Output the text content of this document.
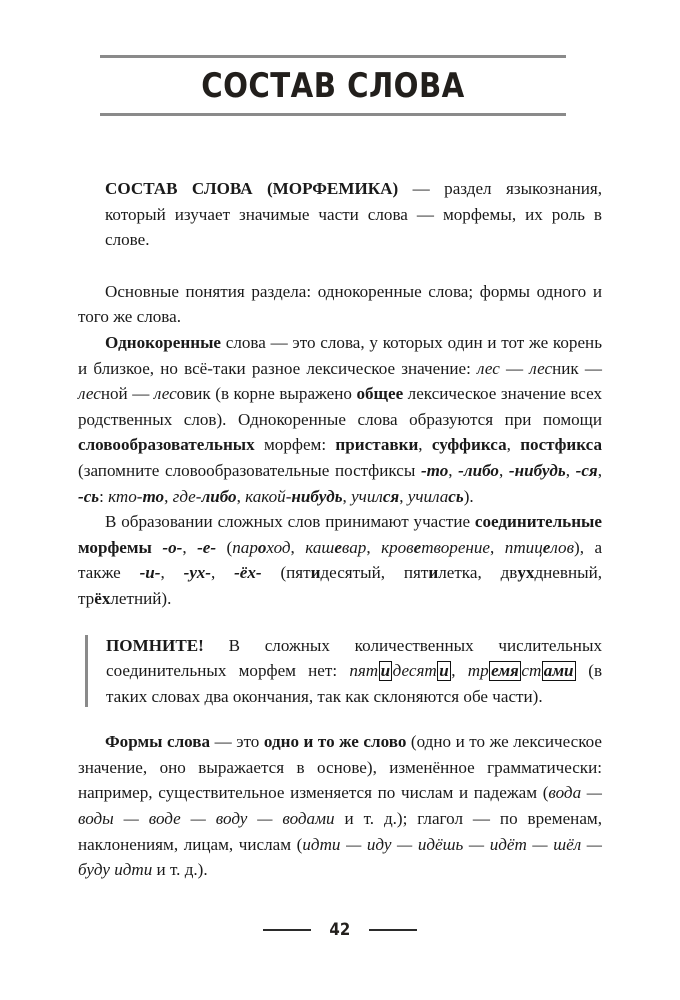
СОСТАВ СЛОВА

СОСТАВ СЛОВА (МОРФЕМИКА) — раздел языкознания, который изучает значимые части слова — морфемы, их роль в слове.

Основные понятия раздела: однокоренные слова; формы одного и того же слова.

Однокоренные слова — это слова, у которых один и тот же корень и близкое, но всё-таки разное лексическое значение: лес — лесник — лесной — лесовик (в корне выражено общее лексическое значение всех родственных слов). Однокоренные слова образуются при помощи словообразовательных морфем: приставки, суффикса, постфикса (запомните словообразовательные постфиксы -то, -либо, -нибудь, -ся, -сь: кто-то, где-либо, какой-нибудь, учился, училась).

В образовании сложных слов принимают участие соединительные морфемы -о-, -е- (пароход, кашевар, кроветворение, птицелов), а также -и-, -ух-, -ёх- (пятидесятый, пятилетка, двухдневный, трёхлетний).

ПОМНИТЕ! В сложных количественных числительных соединительных морфем нет: пят и десят и , тр емя ст ами (в таких словах два окончания, так как склоняются обе части).

Формы слова — это одно и то же слово (одно и то же лексическое значение, оно выражается в основе), изменённое грамматически: например, существительное изменяется по числам и падежам (вода — воды — воде — воду — водами и т. д.); глагол — по временам, наклонениям, лицам, числам (идти — иду — идёшь — идёт — шёл — буду идти и т. д.).

42
